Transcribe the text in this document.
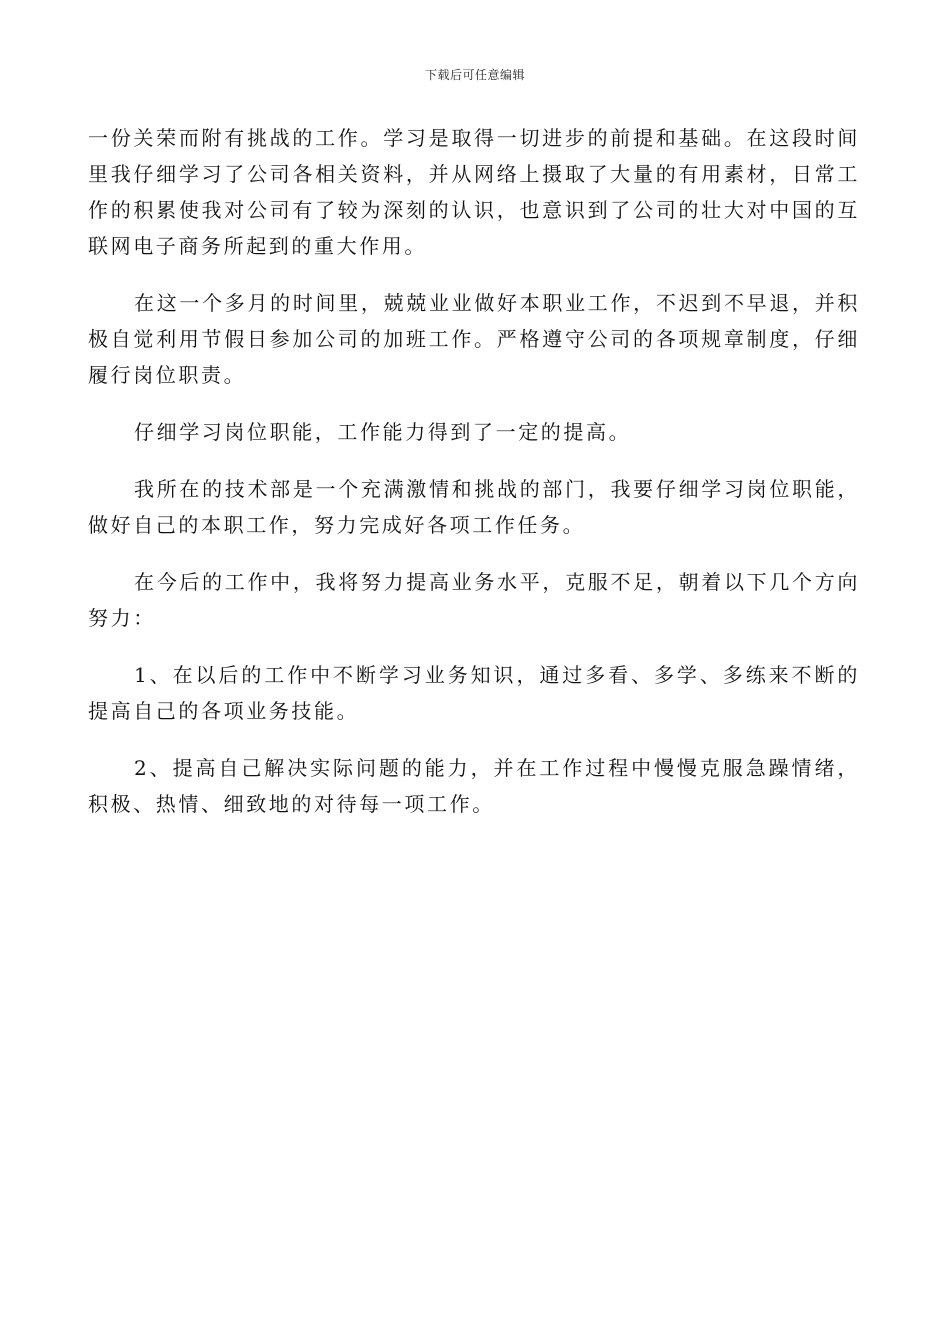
下载后可任意编辑

一份关荣而附有挑战的工作。学习是取得一切进步的前提和基础。在这段时间里我仔细学习了公司各相关资料，并从网络上摄取了大量的有用素材，日常工作的积累使我对公司有了较为深刻的认识，也意识到了公司的壮大对中国的互联网电子商务所起到的重大作用。

在这一个多月的时间里，兢兢业业做好本职业工作，不迟到不早退，并积极自觉利用节假日参加公司的加班工作。严格遵守公司的各项规章制度，仔细履行岗位职责。

仔细学习岗位职能，工作能力得到了一定的提高。

我所在的技术部是一个充满激情和挑战的部门，我要仔细学习岗位职能，做好自己的本职工作，努力完成好各项工作任务。

在今后的工作中，我将努力提高业务水平，克服不足，朝着以下几个方向努力：

1、在以后的工作中不断学习业务知识，通过多看、多学、多练来不断的提高自己的各项业务技能。

2、提高自己解决实际问题的能力，并在工作过程中慢慢克服急躁情绪，积极、热情、细致地的对待每一项工作。
